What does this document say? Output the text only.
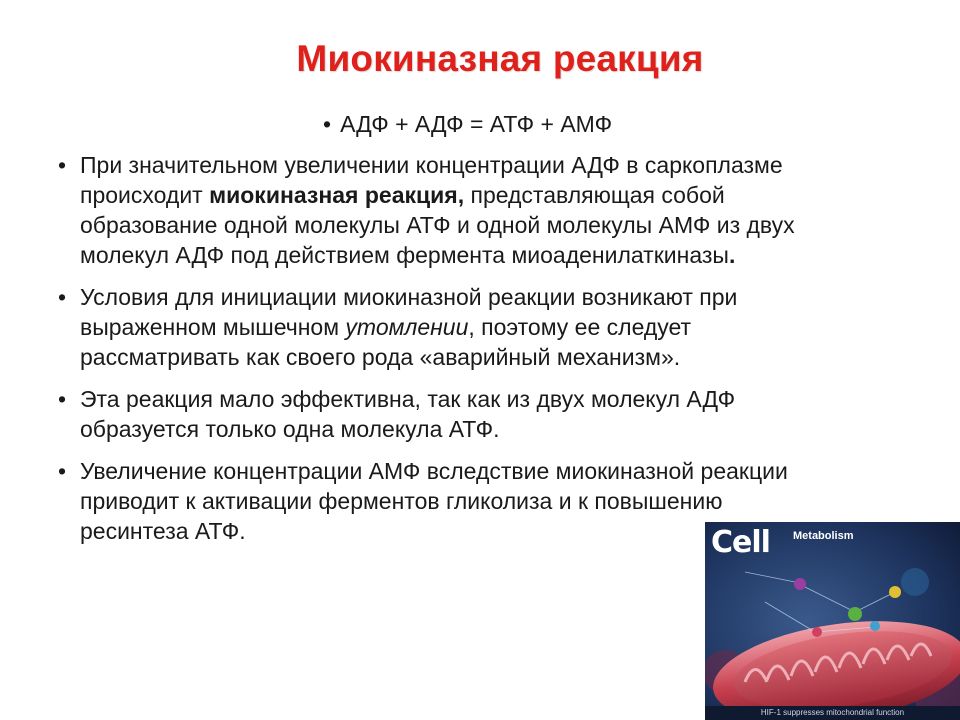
Миокиназная реакция
• АДФ + АДФ = АТФ + АМФ
• При значительном увеличении концентрации АДФ в саркоплазме
происходит миокиназная реакция, представляющая собой
образование одной молекулы АТФ и одной молекулы АМФ из двух
молекул АДФ под действием фермента миоаденилаткиназы.
• Условия для инициации миокиназной реакции возникают при
выраженном мышечном утомлении, поэтому ее следует
рассматривать как своего рода «аварийный механизм».
• Эта реакция мало эффективна, так как из двух молекул АДФ
образуется только одна молекула АТФ.
• Увеличение концентрации АМФ вследствие миокиназной реакции
приводит к активации ферментов гликолиза и к повышению
ресинтеза АТФ.	Cell Metabolism
HIF-1 suppresses mitochondrial function
